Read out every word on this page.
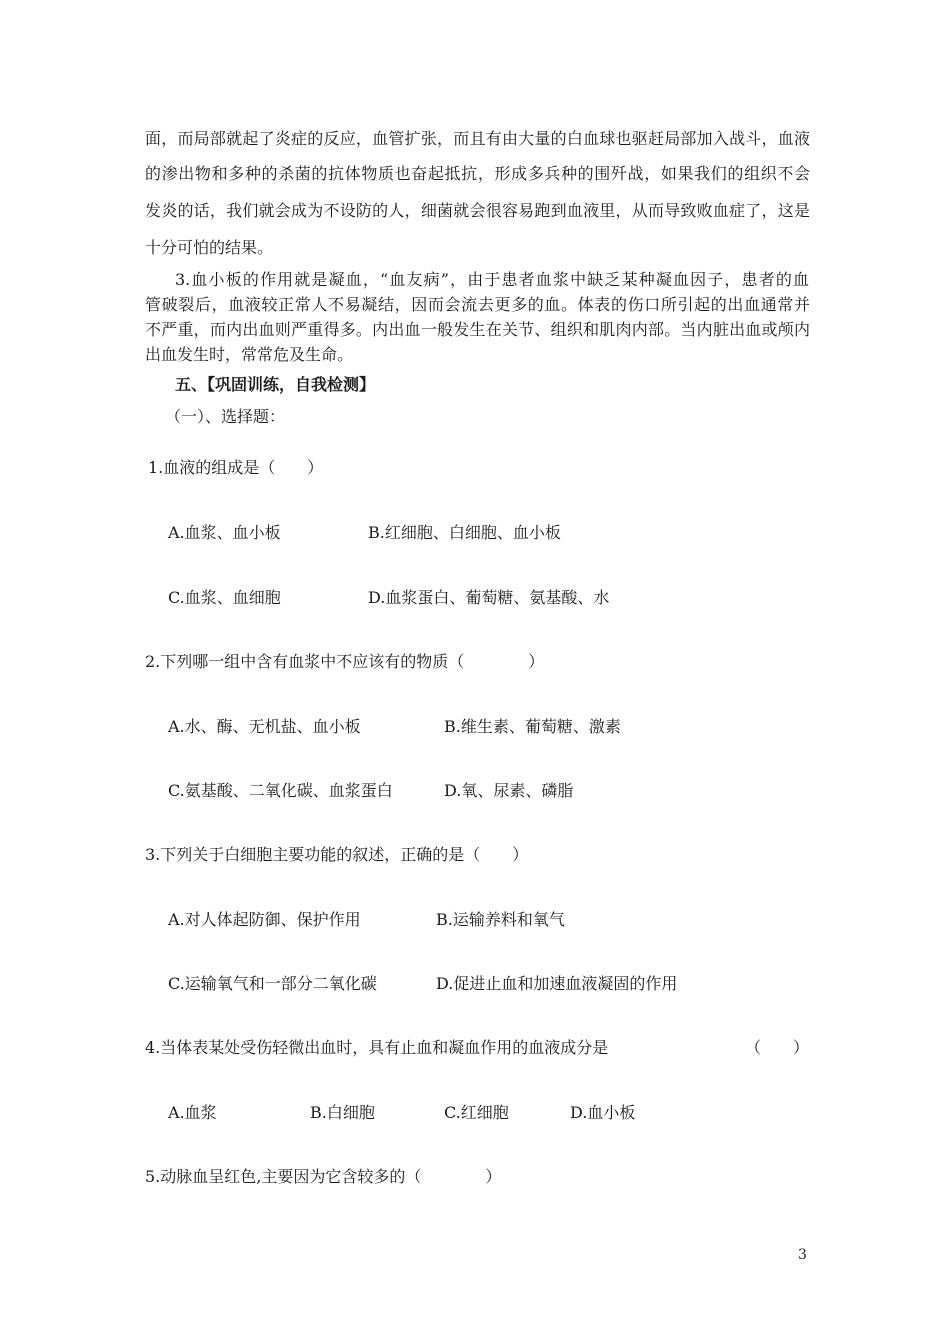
面，而局部就起了炎症的反应，血管扩张，而且有由大量的白血球也驱赶局部加入战斗，血液
的渗出物和多种的杀菌的抗体物质也奋起抵抗，形成多兵种的围歼战，如果我们的组织不会
发炎的话，我们就会成为不设防的人，细菌就会很容易跑到血液里，从而导致败血症了，这是
十分可怕的结果。
3.血小板的作用就是凝血，“血友病”，由于患者血浆中缺乏某种凝血因子，患者的血
管破裂后，血液较正常人不易凝结，因而会流去更多的血。体表的伤口所引起的出血通常并
不严重，而内出血则严重得多。内出血一般发生在关节、组织和肌肉内部。当内脏出血或颅内
出血发生时，常常危及生命。
五、【巩固训练，自我检测】
（一）、选择题：
1.血液的组成是（　　）
A.血浆、血小板	B.红细胞、白细胞、血小板
C.血浆、血细胞	D.血浆蛋白、葡萄糖、氨基酸、水
2.下列哪一组中含有血浆中不应该有的物质（　　　　）
A.水、酶、无机盐、血小板	B.维生素、葡萄糖、激素
C.氨基酸、二氧化碳、血浆蛋白	D.氧、尿素、磷脂
3.下列关于白细胞主要功能的叙述，正确的是（　　）
A.对人体起防御、保护作用	B.运输养料和氧气
C.运输氧气和一部分二氧化碳	D.促进止血和加速血液凝固的作用
4.当体表某处受伤轻微出血时，具有止血和凝血作用的血液成分是	（　　）
A.血浆	B.白细胞	C.红细胞	D.血小板
5.动脉血呈红色,主要因为它含较多的（　　　　）
3
